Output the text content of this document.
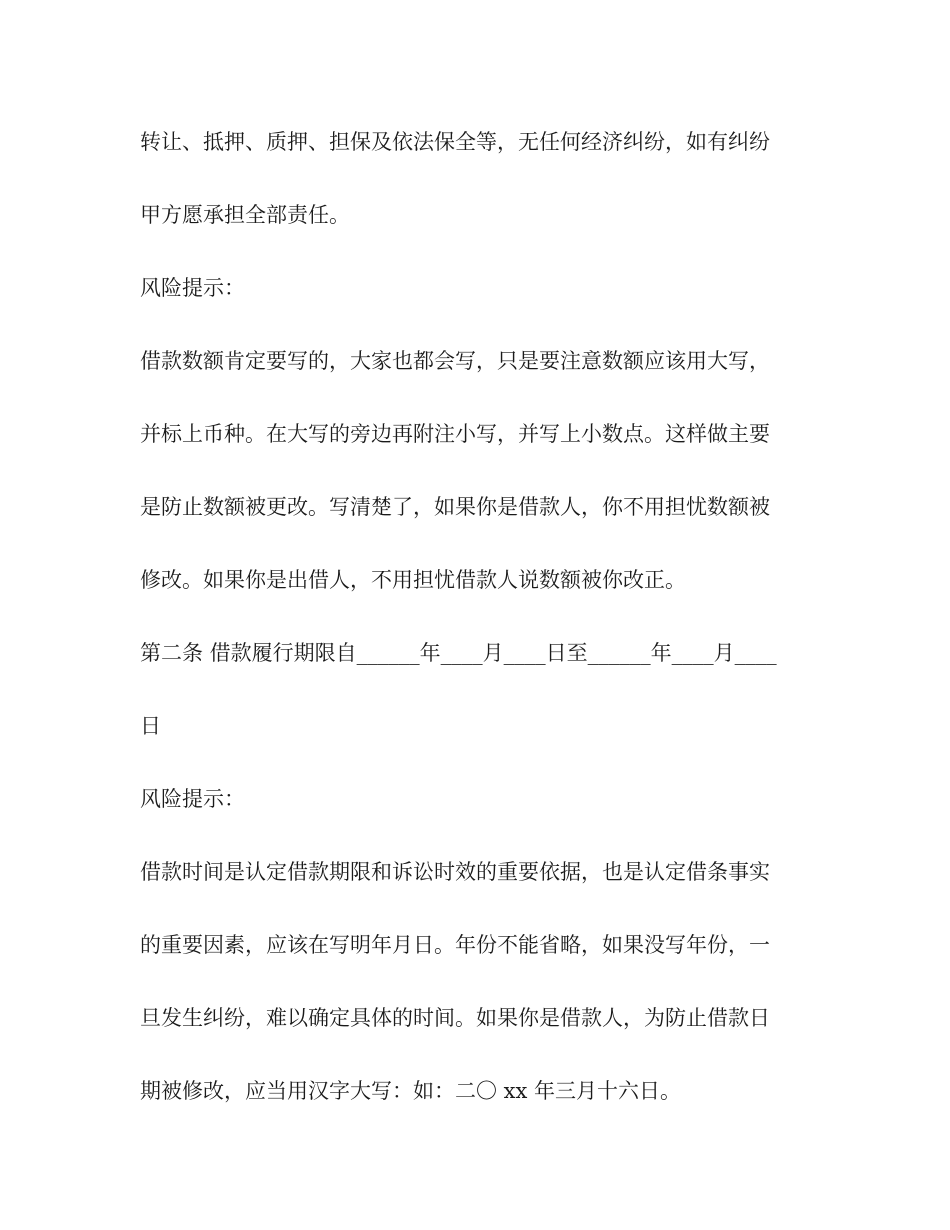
转让、抵押、质押、担保及依法保全等，无任何经济纠纷，如有纠纷
甲方愿承担全部责任。
风险提示：
借款数额肯定要写的，大家也都会写，只是要注意数额应该用大写，
并标上币种。在大写的旁边再附注小写，并写上小数点。这样做主要
是防止数额被更改。写清楚了，如果你是借款人，你不用担忧数额被
修改。如果你是出借人，不用担忧借款人说数额被你改正。
第二条 借款履行期限自______年____月____日至______年____月____
日
风险提示：
借款时间是认定借款期限和诉讼时效的重要依据，也是认定借条事实
的重要因素，应该在写明年月日。年份不能省略，如果没写年份，一
旦发生纠纷，难以确定具体的时间。如果你是借款人，为防止借款日
期被修改，应当用汉字大写：如：二〇 xx 年三月十六日。
